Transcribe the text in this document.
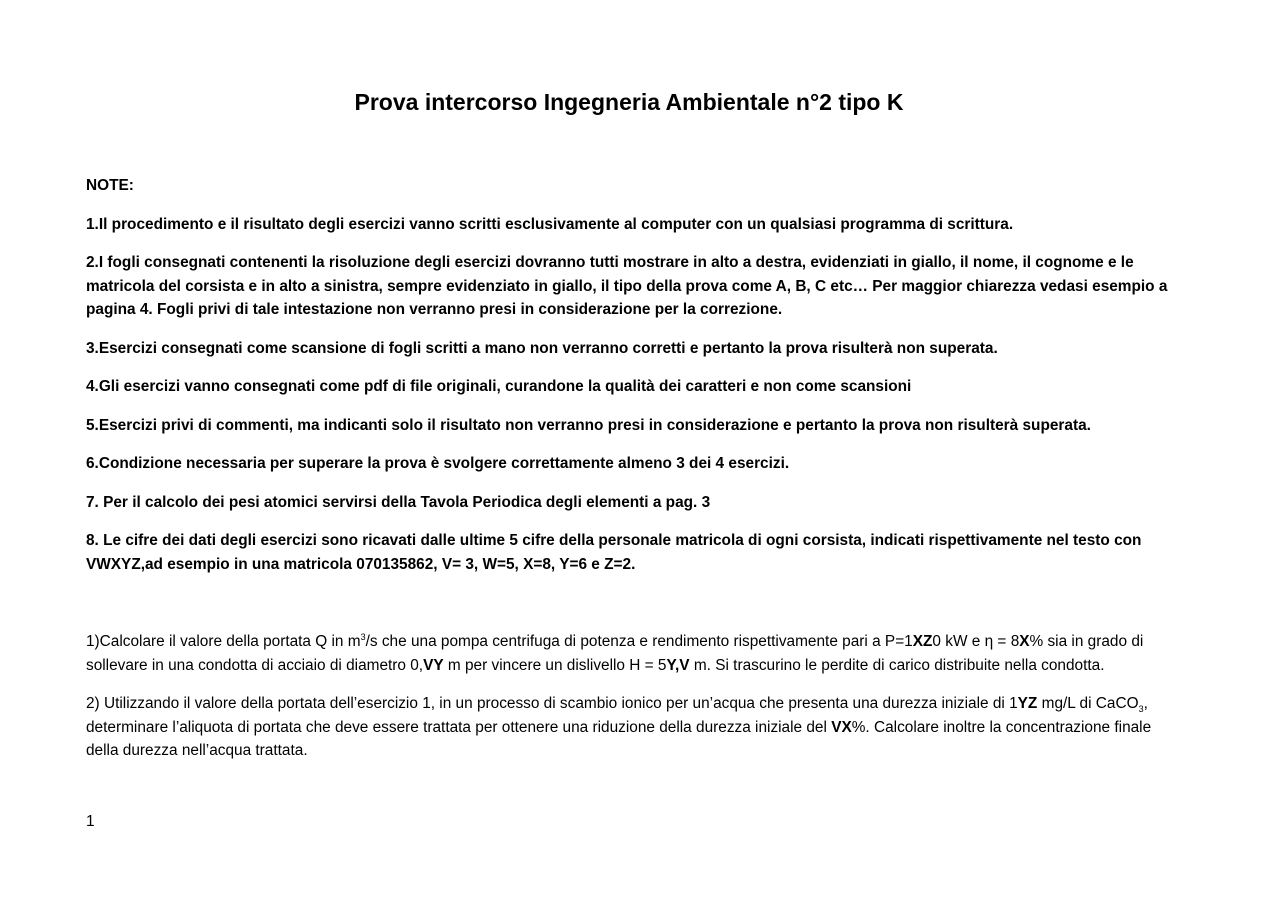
Prova intercorso Ingegneria Ambientale n°2 tipo K

NOTE:

1.Il procedimento e il risultato degli esercizi vanno scritti esclusivamente al computer con un qualsiasi programma di scrittura.

2.I fogli consegnati contenenti la risoluzione degli esercizi dovranno tutti mostrare in alto a destra, evidenziati in giallo, il nome, il cognome e le matricola del corsista e in alto a sinistra, sempre evidenziato in giallo, il tipo della prova come A, B, C etc… Per maggior chiarezza vedasi esempio a pagina 4. Fogli privi di tale intestazione non verranno presi in considerazione per la correzione.

3.Esercizi consegnati come scansione di fogli scritti a mano non verranno corretti e pertanto la prova risulterà non superata.

4.Gli esercizi vanno consegnati come pdf di file originali, curandone la qualità dei caratteri e non come scansioni

5.Esercizi privi di commenti, ma indicanti solo il risultato non verranno presi in considerazione e pertanto la prova non risulterà superata.

6.Condizione necessaria per superare la prova è svolgere correttamente almeno 3 dei 4 esercizi.

7. Per il calcolo dei pesi atomici servirsi della Tavola Periodica degli elementi a pag. 3

8. Le cifre dei dati degli esercizi sono ricavati dalle ultime 5 cifre della personale matricola di ogni corsista, indicati rispettivamente nel testo con VWXYZ,ad esempio in una matricola 070135862, V= 3, W=5, X=8, Y=6 e Z=2.

1)Calcolare il valore della portata Q in $m^3/s$ che una pompa centrifuga di potenza e rendimento rispettivamente pari a P=1XZ0 kW e η = 8X% sia in grado di sollevare in una condotta di acciaio di diametro 0,VY m per vincere un dislivello H = 5Y,V m. Si trascurino le perdite di carico distribuite nella condotta.

2) Utilizzando il valore della portata dell’esercizio 1, in un processo di scambio ionico per un’acqua che presenta una durezza iniziale di 1YZ mg/L di CaCO$_3$, determinare l’aliquota di portata che deve essere trattata per ottenere una riduzione della durezza iniziale del VX%. Calcolare inoltre la concentrazione finale della durezza nell’acqua trattata.

1
